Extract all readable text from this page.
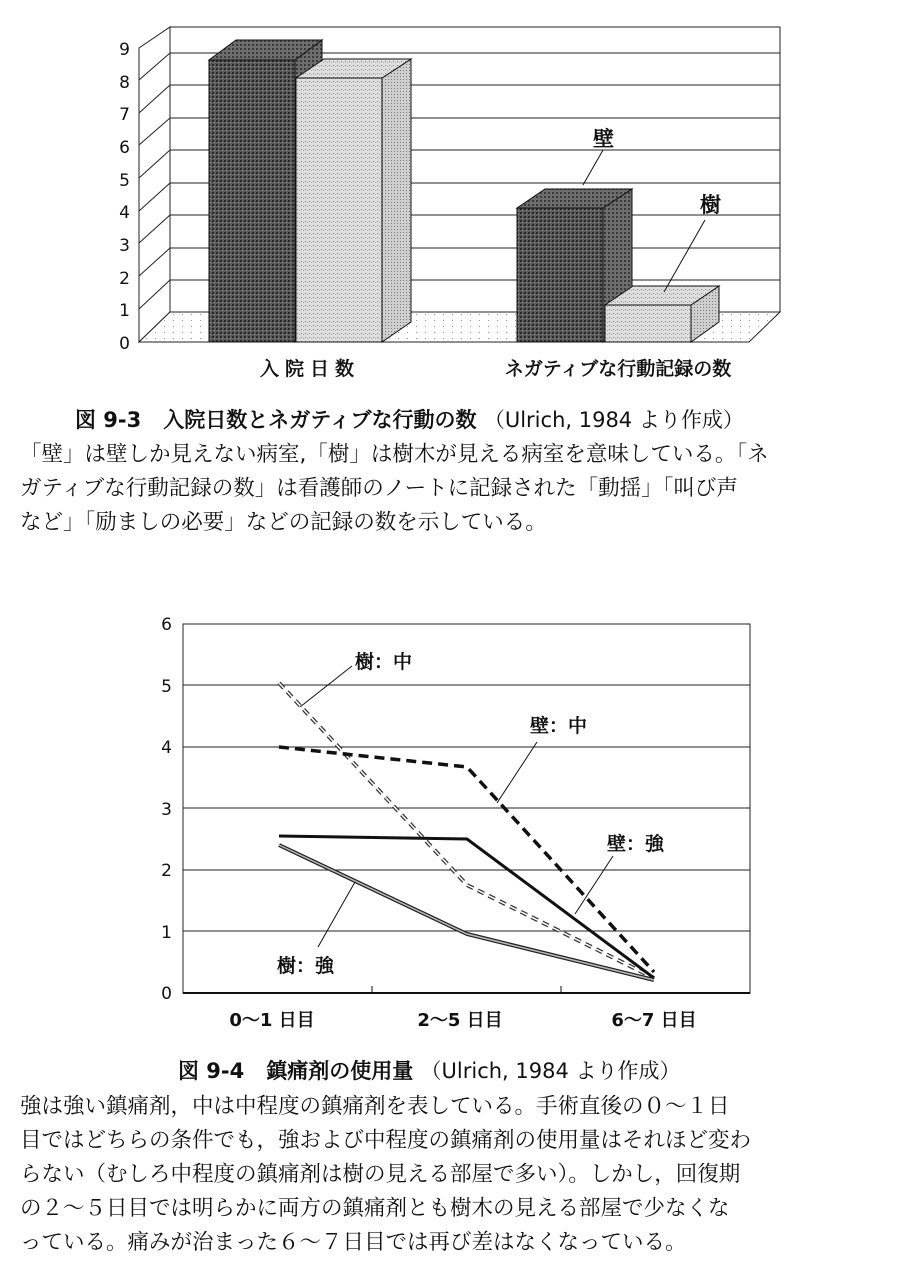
0
1
2
3
4
5
6
7
8
9
壁
樹
入院日数	ネガティブな行動記録の数
図 9-3 入院日数とネガティブな行動の数 （Ulrich, 1984 より作成）
「壁」は壁しか見えない病室,「樹」は樹木が見える病室を意味している。「ネ
ガティブな行動記録の数」は看護師のノートに記録された「動揺」「叫び声
など」「励ましの必要」などの記録の数を示している。
0
1
2
3
4
5
6
樹：中
壁：中
壁：強
樹：強
0〜1 日目	2〜5 日目	6〜7 日目
図 9-4 鎮痛剤の使用量 （Ulrich, 1984 より作成）
強は強い鎮痛剤，中は中程度の鎮痛剤を表している。手術直後の０～１日
目ではどちらの条件でも，強および中程度の鎮痛剤の使用量はそれほど変わ
らない（むしろ中程度の鎮痛剤は樹の見える部屋で多い）。しかし，回復期
の２～５日目では明らかに両方の鎮痛剤とも樹木の見える部屋で少なくな
っている。痛みが治まった６～７日目では再び差はなくなっている。
